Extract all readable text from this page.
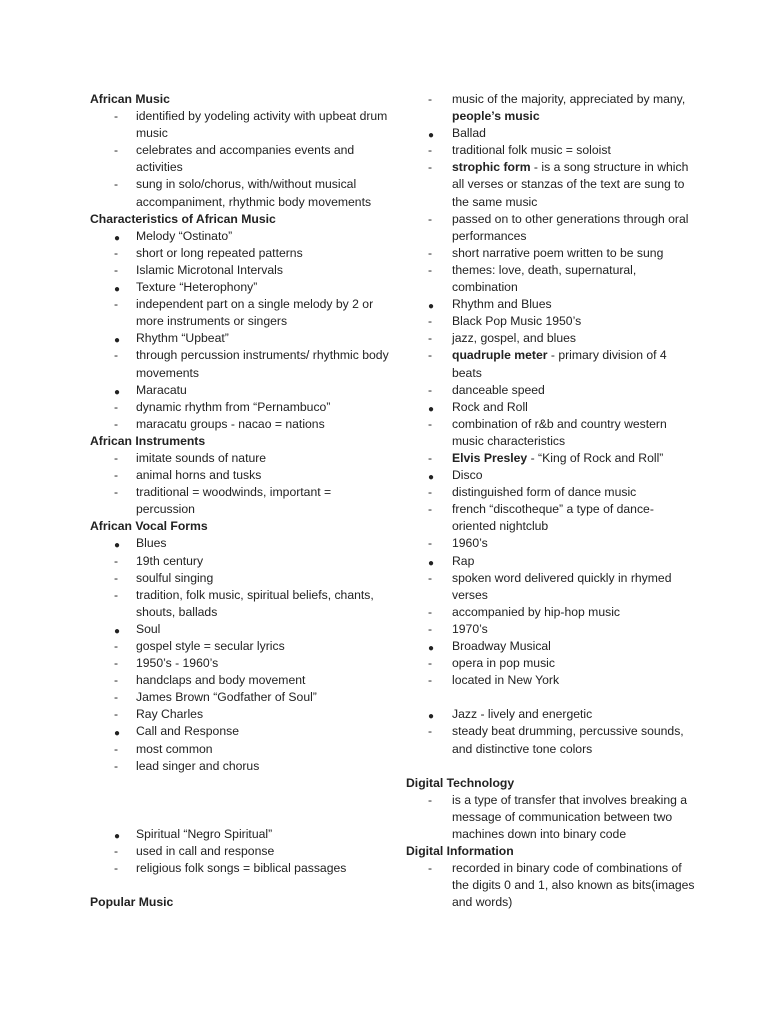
African Music
- identified by yodeling activity with upbeat drum music
- celebrates and accompanies events and activities
- sung in solo/chorus, with/without musical accompaniment, rhythmic body movements
Characteristics of African Music
● Melody “Ostinato”
- short or long repeated patterns
- Islamic Microtonal Intervals
● Texture “Heterophony”
- independent part on a single melody by 2 or more instruments or singers
● Rhythm “Upbeat”
- through percussion instruments/ rhythmic body movements
● Maracatu
- dynamic rhythm from “Pernambuco”
- maracatu groups - nacao = nations
African Instruments
- imitate sounds of nature
- animal horns and tusks
- traditional = woodwinds, important = percussion
African Vocal Forms
● Blues
- 19th century
- soulful singing
- tradition, folk music, spiritual beliefs, chants, shouts, ballads
● Soul
- gospel style = secular lyrics
- 1950’s - 1960’s
- handclaps and body movement
- James Brown “Godfather of Soul”
- Ray Charles
● Call and Response
- most common
- lead singer and chorus
● Spiritual “Negro Spiritual”
- used in call and response
- religious folk songs = biblical passages
Popular Music
- music of the majority, appreciated by many, people’s music
● Ballad
- traditional folk music = soloist
- strophic form - is a song structure in which all verses or stanzas of the text are sung to the same music
- passed on to other generations through oral performances
- short narrative poem written to be sung
- themes: love, death, supernatural, combination
● Rhythm and Blues
- Black Pop Music 1950’s
- jazz, gospel, and blues
- quadruple meter - primary division of 4 beats
- danceable speed
● Rock and Roll
- combination of r&b and country western music characteristics
- Elvis Presley - “King of Rock and Roll”
● Disco
- distinguished form of dance music
- french “discotheque” a type of dance-oriented nightclub
- 1960’s
● Rap
- spoken word delivered quickly in rhymed verses
- accompanied by hip-hop music
- 1970’s
● Broadway Musical
- opera in pop music
- located in New York
● Jazz - lively and energetic
- steady beat drumming, percussive sounds, and distinctive tone colors
Digital Technology
- is a type of transfer that involves breaking a message of communication between two machines down into binary code
Digital Information
- recorded in binary code of combinations of the digits 0 and 1, also known as bits(images and words)
